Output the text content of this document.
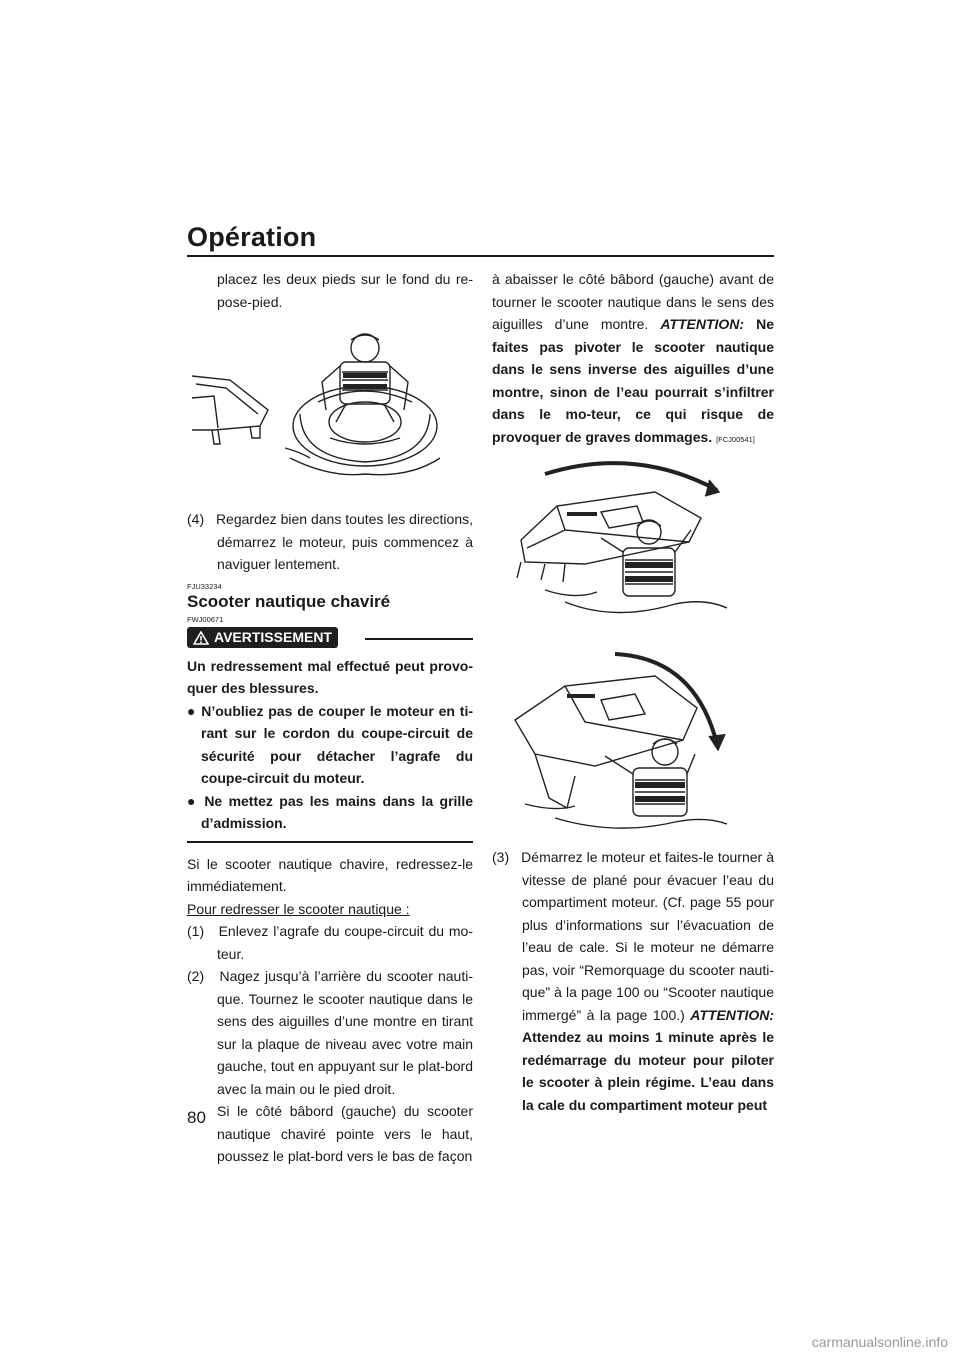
Opération

placez les deux pieds sur le fond du re-pose-pied.

(4) Regardez bien dans toutes les directions, démarrez le moteur, puis commencez à naviguer lentement.

FJU33234
Scooter nautique chaviré
FWJ00671
AVERTISSEMENT

Un redressement mal effectué peut provo-quer des blessures.

● N’oubliez pas de couper le moteur en ti-rant sur le cordon du coupe-circuit de sécurité pour détacher l’agrafe du coupe-circuit du moteur.

● Ne mettez pas les mains dans la grille d’admission.

Si le scooter nautique chavire, redressez-le immédiatement.

Pour redresser le scooter nautique :

(1) Enlevez l’agrafe du coupe-circuit du mo-teur.

(2) Nagez jusqu’à l’arrière du scooter nauti-que. Tournez le scooter nautique dans le sens des aiguilles d’une montre en tirant sur la plaque de niveau avec votre main gauche, tout en appuyant sur le plat-bord avec la main ou le pied droit.

Si le côté bâbord (gauche) du scooter nautique chaviré pointe vers le haut, poussez le plat-bord vers le bas de façon

à abaisser le côté bâbord (gauche) avant de tourner le scooter nautique dans le sens des aiguilles d’une montre. ATTENTION: Ne faites pas pivoter le scooter nautique dans le sens inverse des aiguilles d’une montre, sinon de l’eau pourrait s’infiltrer dans le mo-teur, ce qui risque de provoquer de graves dommages. [FCJ00541]

(3) Démarrez le moteur et faites-le tourner à vitesse de plané pour évacuer l’eau du compartiment moteur. (Cf. page 55 pour plus d’informations sur l’évacuation de l’eau de cale. Si le moteur ne démarre pas, voir “Remorquage du scooter nauti-que” à la page 100 ou “Scooter nautique immergé” à la page 100.) ATTENTION: Attendez au moins 1 minute après le redémarrage du moteur pour piloter le scooter à plein régime. L’eau dans la cale du compartiment moteur peut

80
carmanualsonline.info
